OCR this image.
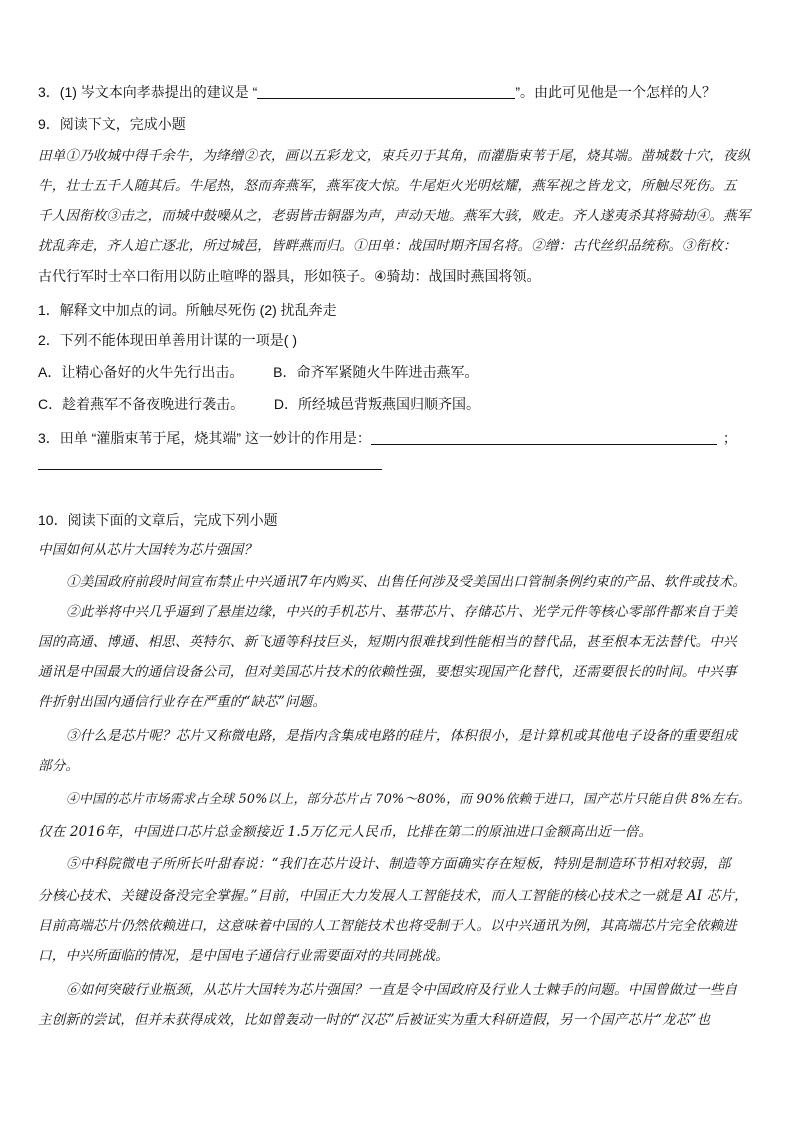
3．(1) 岑文本向孝恭提出的建议是 “	”。由此可见他是一个怎样的人？
9．阅读下文，完成小题
田单①乃收城中得千余牛，为绛缯②衣，画以五彩龙文，束兵刃于其角，而灌脂束苇于尾，烧其端。凿城数十穴，夜纵
牛，壮士五千人随其后。牛尾热，怒而奔燕军，燕军夜大惊。牛尾炬火光明炫耀，燕军视之皆龙文，所触尽死伤。五
千人因衔枚③击之，而城中鼓噪从之，老弱皆击铜器为声，声动天地。燕军大骇，败走。齐人遂夷杀其将骑劫④。燕军
扰乱奔走，齐人追亡逐北，所过城邑，皆畔燕而归。①田单：战国时期齐国名将。②缯：古代丝织品统称。③衔枚：
古代行军时士卒口衔用以防止喧哗的器具，形如筷子。④骑劫：战国时燕国将领。
1．解释文中加点的词。所触尽死伤 (2) 扰乱奔走
2．下列不能体现田单善用计谋的一项是( )
A．让精心备好的火牛先行出击。 B．命齐军紧随火牛阵进击燕军。
C．趁着燕军不备夜晚进行袭击。 D．所经城邑背叛燕国归顺齐国。
3．田单 “灌脂束苇于尾，烧其端” 这一妙计的作用是：	；
10．阅读下面的文章后，完成下列小题
中国如何从芯片大国转为芯片强国？
①美国政府前段时间宣布禁止中兴通讯7年内购买、出售任何涉及受美国出口管制条例约束的产品、软件或技术。
②此举将中兴几乎逼到了悬崖边缘，中兴的手机芯片、基带芯片、存储芯片、光学元件等核心零部件都来自于美
国的高通、博通、相思、英特尔、新飞通等科技巨头，短期内很难找到性能相当的替代品，甚至根本无法替代。中兴
通讯是中国最大的通信设备公司，但对美国芯片技术的依赖性强，要想实现国产化替代，还需要很长的时间。中兴事
件折射出国内通信行业存在严重的“缺芯”问题。
③什么是芯片呢？芯片又称微电路，是指内含集成电路的硅片，体积很小，是计算机或其他电子设备的重要组成
部分。
④中国的芯片市场需求占全球 50%以上，部分芯片占 70%～80%，而 90%依赖于进口，国产芯片只能自供 8%左右。
仅在 2016年，中国进口芯片总金额接近 1.5万亿元人民币，比排在第二的原油进口金额高出近一倍。
⑤中科院微电子所所长叶甜春说：“我们在芯片设计、制造等方面确实存在短板，特别是制造环节相对较弱，部
分核心技术、关键设备没完全掌握。”目前，中国正大力发展人工智能技术，而人工智能的核心技术之一就是 AI 芯片，
目前高端芯片仍然依赖进口，这意味着中国的人工智能技术也将受制于人。以中兴通讯为例，其高端芯片完全依赖进
口，中兴所面临的情况，是中国电子通信行业需要面对的共同挑战。
⑥如何突破行业瓶颈，从芯片大国转为芯片强国？一直是令中国政府及行业人士棘手的问题。中国曾做过一些自
主创新的尝试，但并未获得成效，比如曾轰动一时的“汉芯”后被证实为重大科研造假，另一个国产芯片“龙芯”也
